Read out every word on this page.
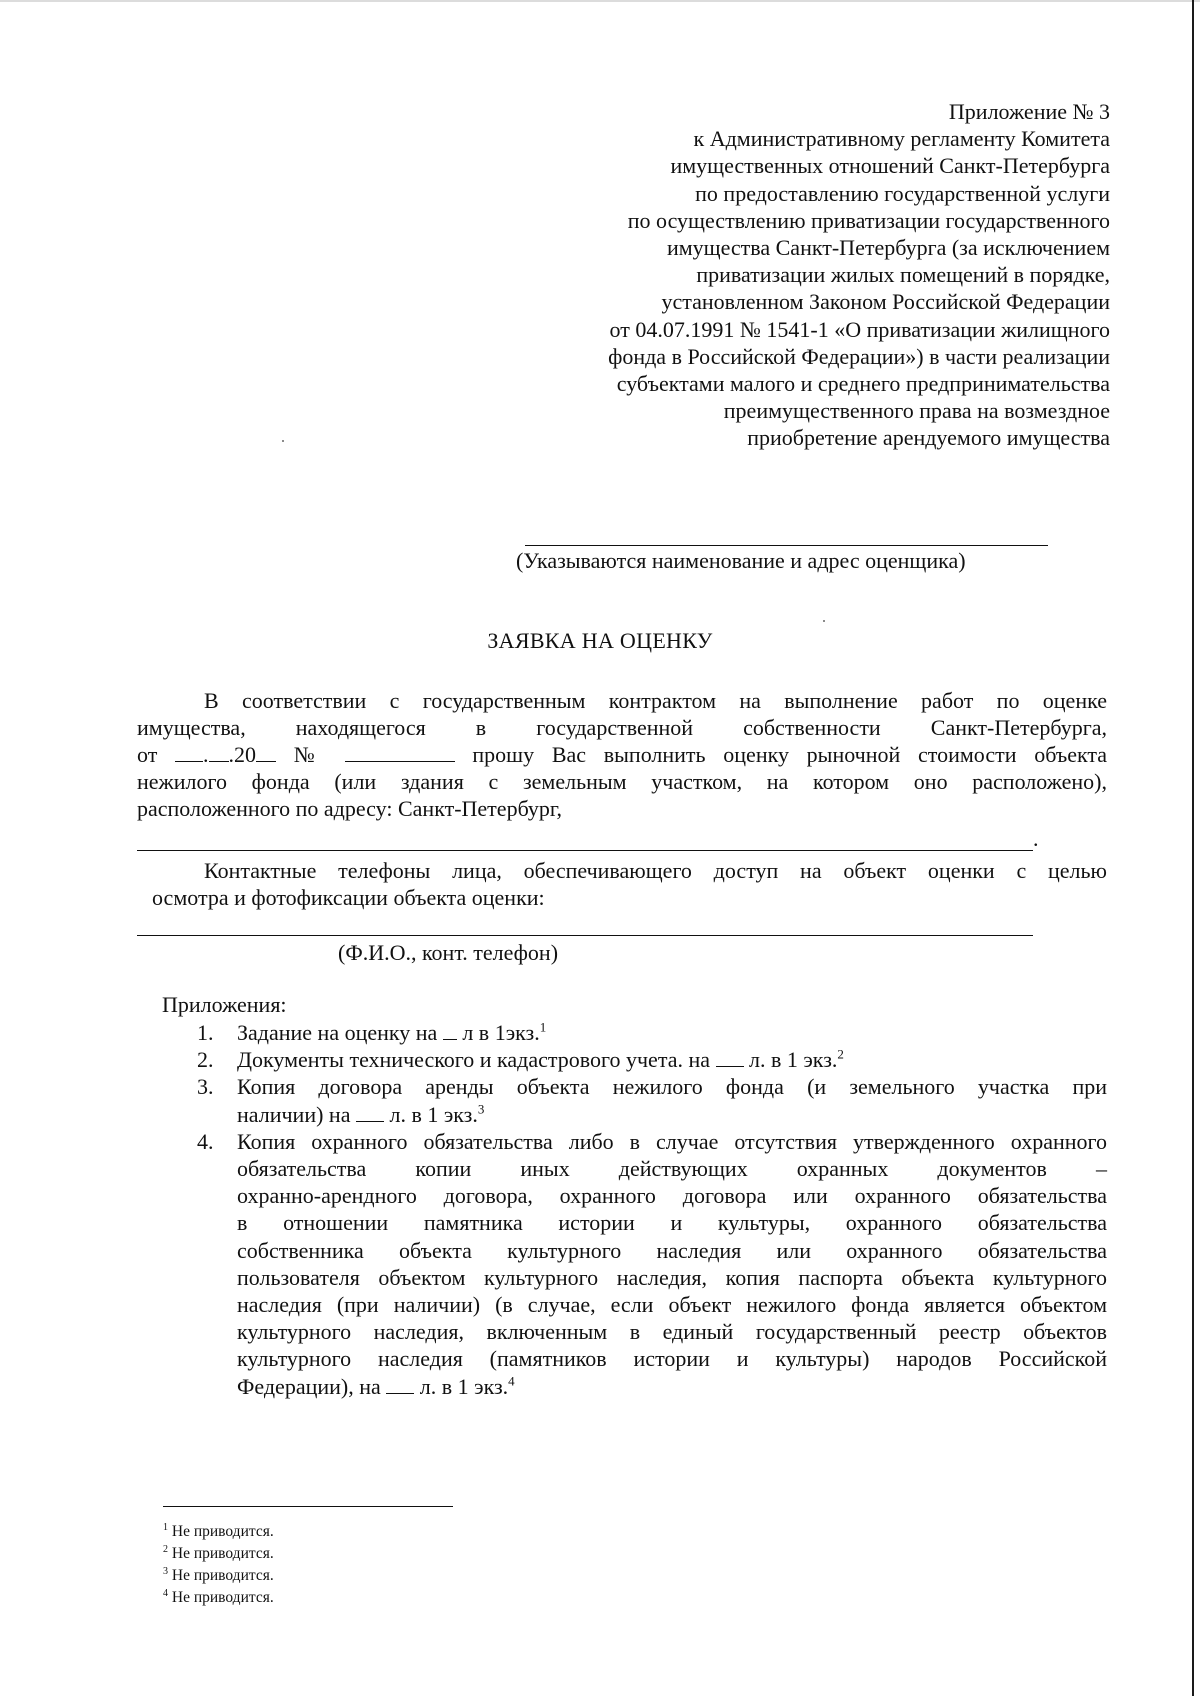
Приложение № 3
к Административному регламенту Комитета
имущественных отношений Санкт-Петербурга
по предоставлению государственной услуги
по осуществлению приватизации государственного
имущества Санкт-Петербурга (за исключением
приватизации жилых помещений в порядке,
установленном Законом Российской Федерации
от 04.07.1991 № 1541-1 «О приватизации жилищного
фонда в Российской Федерации») в части реализации
субъектами малого и среднего предпринимательства
преимущественного права на возмездное
приобретение арендуемого имущества
(Указываются наименование и адрес оценщика)
ЗАЯВКА НА ОЦЕНКУ
В соответствии с государственным контрактом на выполнение работ по оценке
имущества, находящегося в государственной собственности Санкт-Петербурга,
от . .20 №	прошу Вас выполнить оценку рыночной стоимости объекта
нежилого фонда (или здания с земельным участком, на котором оно расположено),
расположенного по адресу: Санкт-Петербург,
.
Контактные телефоны лица, обеспечивающего доступ на объект оценки с целью
осмотра и фотофиксации объекта оценки:
(Ф.И.О., конт. телефон)
Приложения:
1.	Задание на оценку на л в 1экз.$^1$
2.	Документы технического и кадастрового учета. на л. в 1 экз.$^2$
3.	Копия договора аренды объекта нежилого фонда (и земельного участка при
наличии) на л. в 1 экз.$^3$
4.	Копия охранного обязательства либо в случае отсутствия утвержденного охранного
обязательства копии иных действующих охранных документов –
охранно-арендного договора, охранного договора или охранного обязательства
в отношении памятника истории и культуры, охранного обязательства
собственника объекта культурного наследия или охранного обязательства
пользователя объектом культурного наследия, копия паспорта объекта культурного
наследия (при наличии) (в случае, если объект нежилого фонда является объектом
культурного наследия, включенным в единый государственный реестр объектов
культурного наследия (памятников истории и культуры) народов Российской
Федерации), на л. в 1 экз.$^4$
$^1$ Не приводится.
$^2$ Не приводится.
$^3$ Не приводится.
$^4$ Не приводится.
